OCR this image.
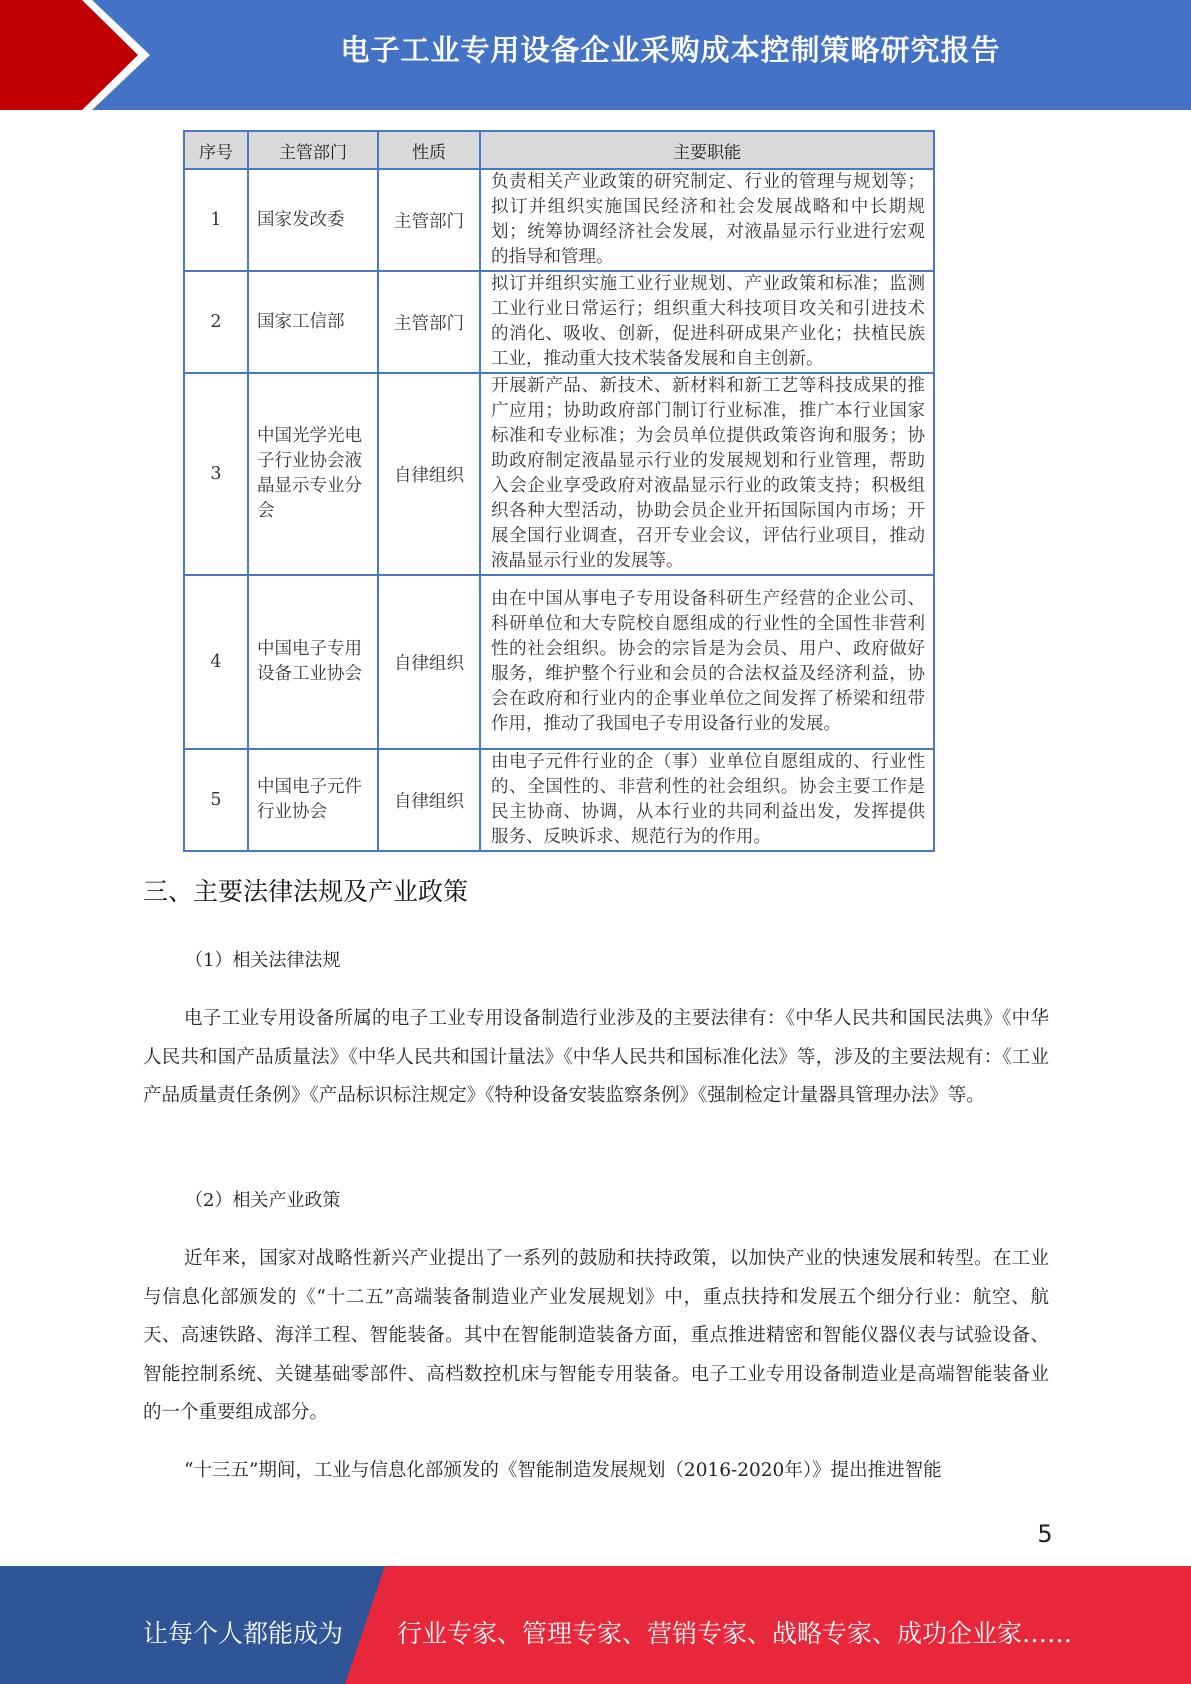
电子工业专用设备企业采购成本控制策略研究报告
序号	主管部门	性质	主要职能
1	国家发改委	主管部门	负责相关产业政策的研究制定、行业的管理与规划等；拟订并组织实施国民经济和社会发展战略和中长期规划；统筹协调经济社会发展，对液晶显示行业进行宏观的指导和管理。
2	国家工信部	主管部门	拟订并组织实施工业行业规划、产业政策和标准；监测工业行业日常运行；组织重大科技项目攻关和引进技术的消化、吸收、创新，促进科研成果产业化；扶植民族工业，推动重大技术装备发展和自主创新。
3	中国光学光电子行业协会液晶显示专业分会	自律组织	开展新产品、新技术、新材料和新工艺等科技成果的推广应用；协助政府部门制订行业标准，推广本行业国家标准和专业标准；为会员单位提供政策咨询和服务；协助政府制定液晶显示行业的发展规划和行业管理，帮助入会企业享受政府对液晶显示行业的政策支持；积极组织各种大型活动，协助会员企业开拓国际国内市场；开展全国行业调查，召开专业会议，评估行业项目，推动液晶显示行业的发展等。
4	中国电子专用设备工业协会	自律组织	由在中国从事电子专用设备科研生产经营的企业公司、科研单位和大专院校自愿组成的行业性的全国性非营利性的社会组织。协会的宗旨是为会员、用户、政府做好服务，维护整个行业和会员的合法权益及经济利益，协会在政府和行业内的企事业单位之间发挥了桥梁和纽带作用，推动了我国电子专用设备行业的发展。
5	中国电子元件行业协会	自律组织	由电子元件行业的企（事）业单位自愿组成的、行业性的、全国性的、非营利性的社会组织。协会主要工作是民主协商、协调，从本行业的共同利益出发，发挥提供服务、反映诉求、规范行为的作用。
三、主要法律法规及产业政策
（1）相关法律法规

电子工业专用设备所属的电子工业专用设备制造行业涉及的主要法律有：《中华人民共和国民法典》《中华人民共和国产品质量法》《中华人民共和国计量法》《中华人民共和国标准化法》等，涉及的主要法规有：《工业产品质量责任条例》《产品标识标注规定》《特种设备安装监察条例》《强制检定计量器具管理办法》等。

（2）相关产业政策

近年来，国家对战略性新兴产业提出了一系列的鼓励和扶持政策，以加快产业的快速发展和转型。在工业与信息化部颁发的《“十二五”高端装备制造业产业发展规划》中，重点扶持和发展五个细分行业：航空、航天、高速铁路、海洋工程、智能装备。其中在智能制造装备方面，重点推进精密和智能仪器仪表与试验设备、智能控制系统、关键基础零部件、高档数控机床与智能专用装备。电子工业专用设备制造业是高端智能装备业的一个重要组成部分。

“十三五”期间，工业与信息化部颁发的《智能制造发展规划（2016-2020年）》提出推进智能

5
让每个人都能成为 行业专家、管理专家、营销专家、战略专家、成功企业家……
